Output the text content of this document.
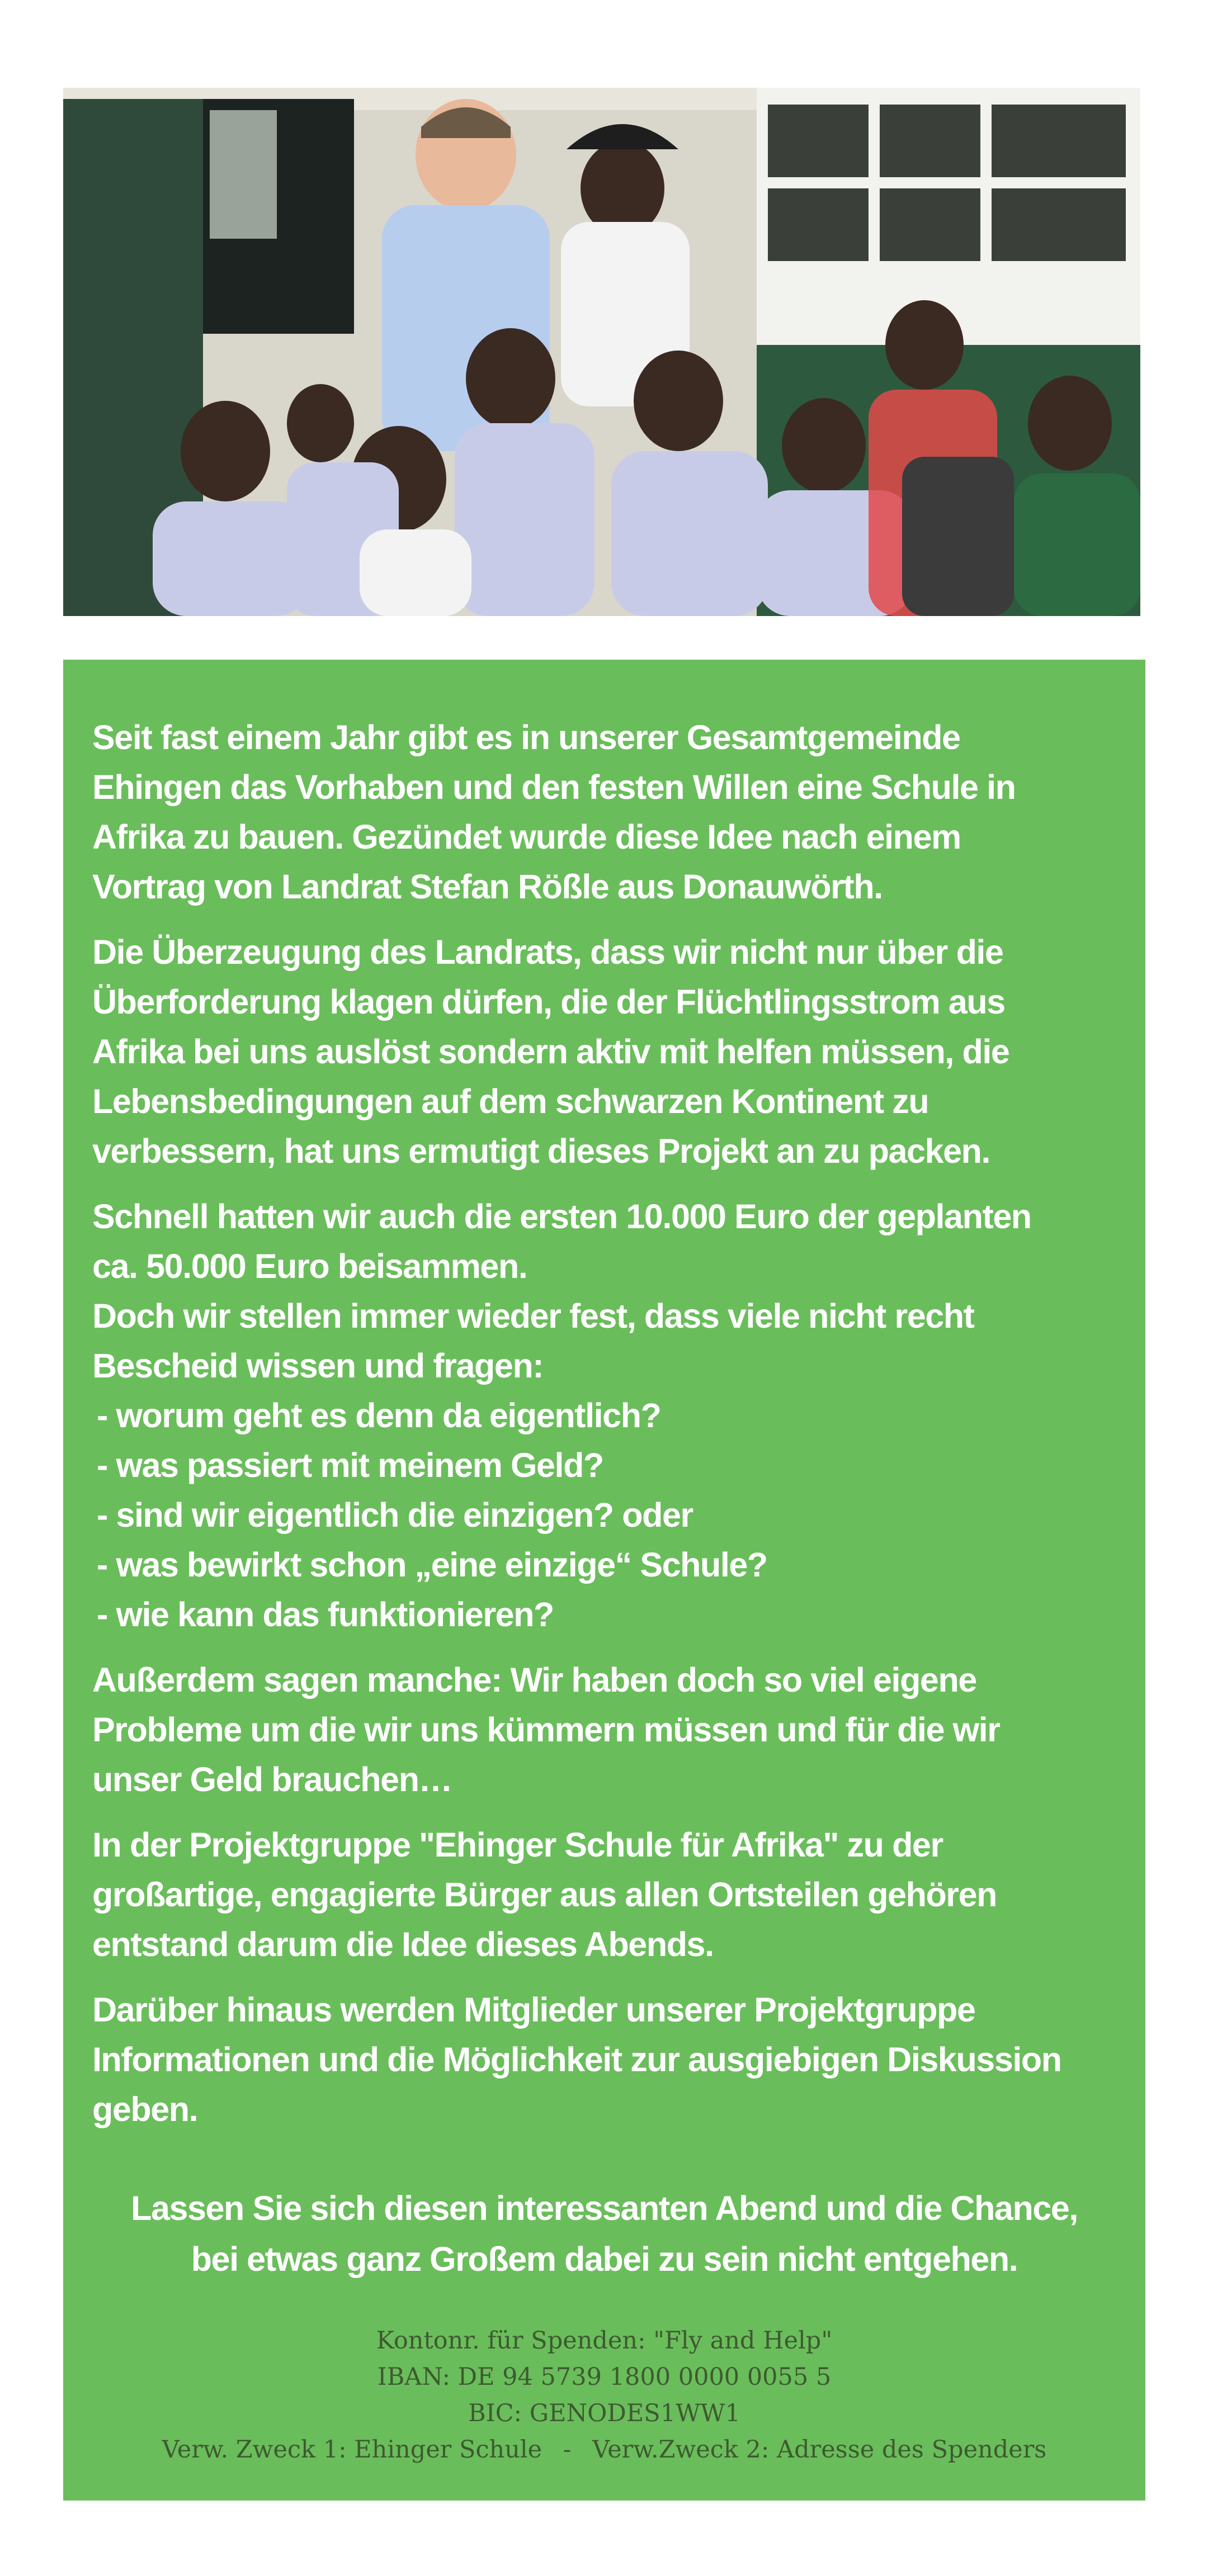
Seit fast einem Jahr gibt es in unserer Gesamtgemeinde
Ehingen das Vorhaben und den festen Willen eine Schule in
Afrika zu bauen. Gezündet wurde diese Idee nach einem
Vortrag von Landrat Stefan Rößle aus Donauwörth.

Die Überzeugung des Landrats, dass wir nicht nur über die
Überforderung klagen dürfen, die der Flüchtlingsstrom aus
Afrika bei uns auslöst sondern aktiv mit helfen müssen, die
Lebensbedingungen auf dem schwarzen Kontinent zu
verbessern, hat uns ermutigt dieses Projekt an zu packen.

Schnell hatten wir auch die ersten 10.000 Euro der geplanten
ca. 50.000 Euro beisammen.
Doch wir stellen immer wieder fest, dass viele nicht recht
Bescheid wissen und fragen:
- worum geht es denn da eigentlich?
- was passiert mit meinem Geld?
- sind wir eigentlich die einzigen? oder
- was bewirkt schon „eine einzige“ Schule?
- wie kann das funktionieren?

Außerdem sagen manche: Wir haben doch so viel eigene
Probleme um die wir uns kümmern müssen und für die wir
unser Geld brauchen…

In der Projektgruppe "Ehinger Schule für Afrika" zu der
großartige, engagierte Bürger aus allen Ortsteilen gehören
entstand darum die Idee dieses Abends.

Darüber hinaus werden Mitglieder unserer Projektgruppe
Informationen und die Möglichkeit zur ausgiebigen Diskussion
geben.

Lassen Sie sich diesen interessanten Abend und die Chance,
bei etwas ganz Großem dabei zu sein nicht entgehen.
Kontonr. für Spenden: "Fly and Help"
IBAN: DE 94 5739 1800 0000 0055 5
BIC: GENODES1WW1
Verw. Zweck 1: Ehinger Schule - Verw.Zweck 2: Adresse des Spenders
